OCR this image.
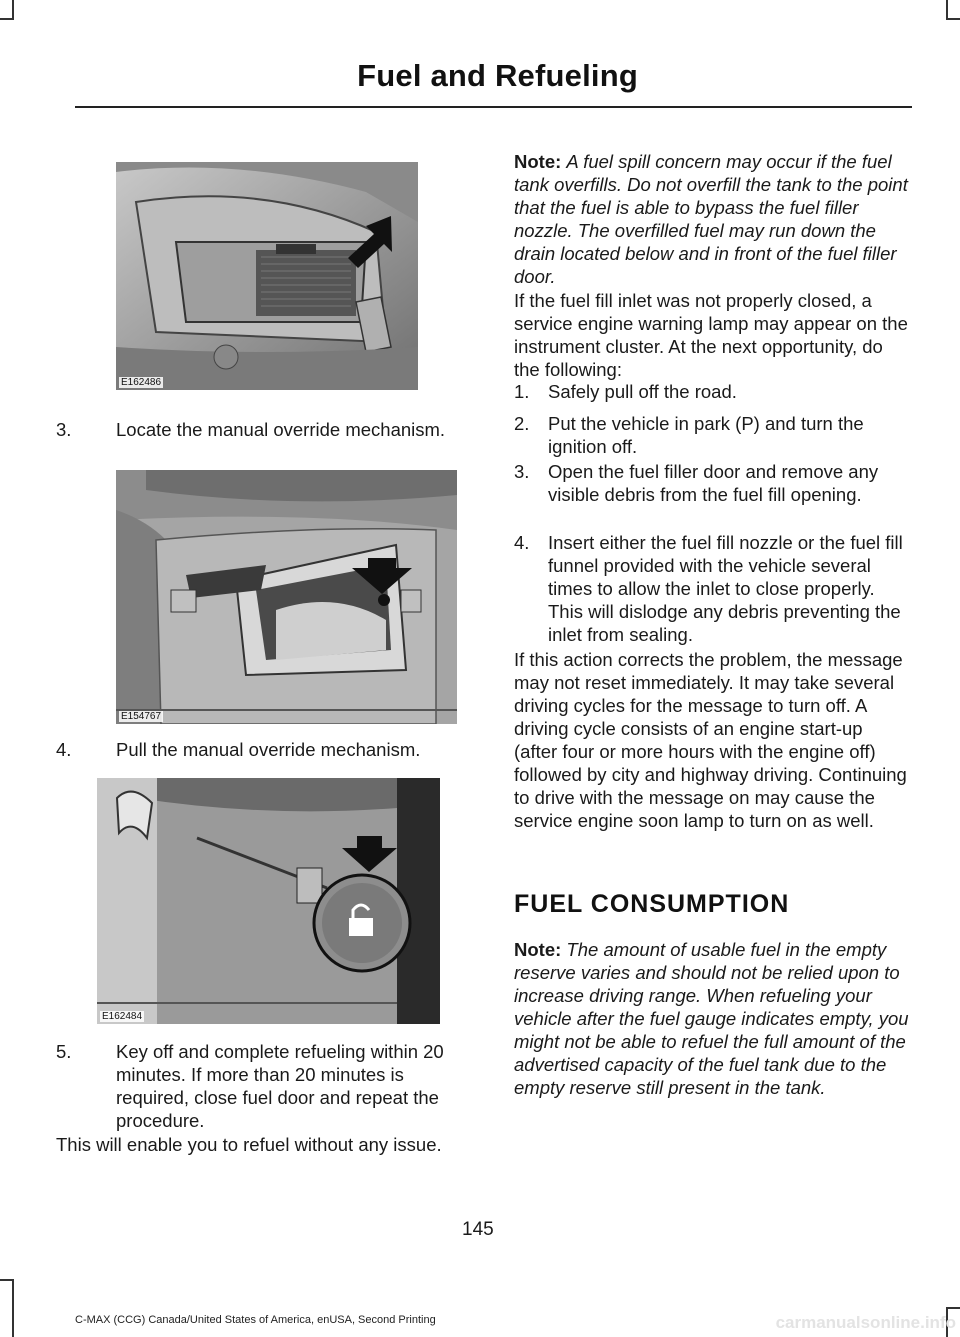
Fuel and Refueling
E162486
3.	Locate the manual override mechanism.
E154767
4.	Pull the manual override mechanism.
E162484
5.	Key off and complete refueling within 20 minutes. If more than 20 minutes is required, close fuel door and repeat the procedure.
This will enable you to refuel without any issue.
Note: A fuel spill concern may occur if the fuel tank overfills. Do not overfill the tank to the point that the fuel is able to bypass the fuel filler nozzle. The overfilled fuel may run down the drain located below and in front of the fuel filler door.
If the fuel fill inlet was not properly closed, a service engine warning lamp may appear on the instrument cluster. At the next opportunity, do the following:
1.	Safely pull off the road.
2.	Put the vehicle in park (P) and turn the ignition off.
3.	Open the fuel filler door and remove any visible debris from the fuel fill opening.
4.	Insert either the fuel fill nozzle or the fuel fill funnel provided with the vehicle several times to allow the inlet to close properly. This will dislodge any debris preventing the inlet from sealing.
If this action corrects the problem, the message may not reset immediately. It may take several driving cycles for the message to turn off. A driving cycle consists of an engine start-up (after four or more hours with the engine off) followed by city and highway driving. Continuing to drive with the message on may cause the service engine soon lamp to turn on as well.
FUEL CONSUMPTION
Note: The amount of usable fuel in the empty reserve varies and should not be relied upon to increase driving range. When refueling your vehicle after the fuel gauge indicates empty, you might not be able to refuel the full amount of the advertised capacity of the fuel tank due to the empty reserve still present in the tank.
145
C-MAX (CCG) Canada/United States of America, enUSA, Second Printing	carmanualsonline.info
